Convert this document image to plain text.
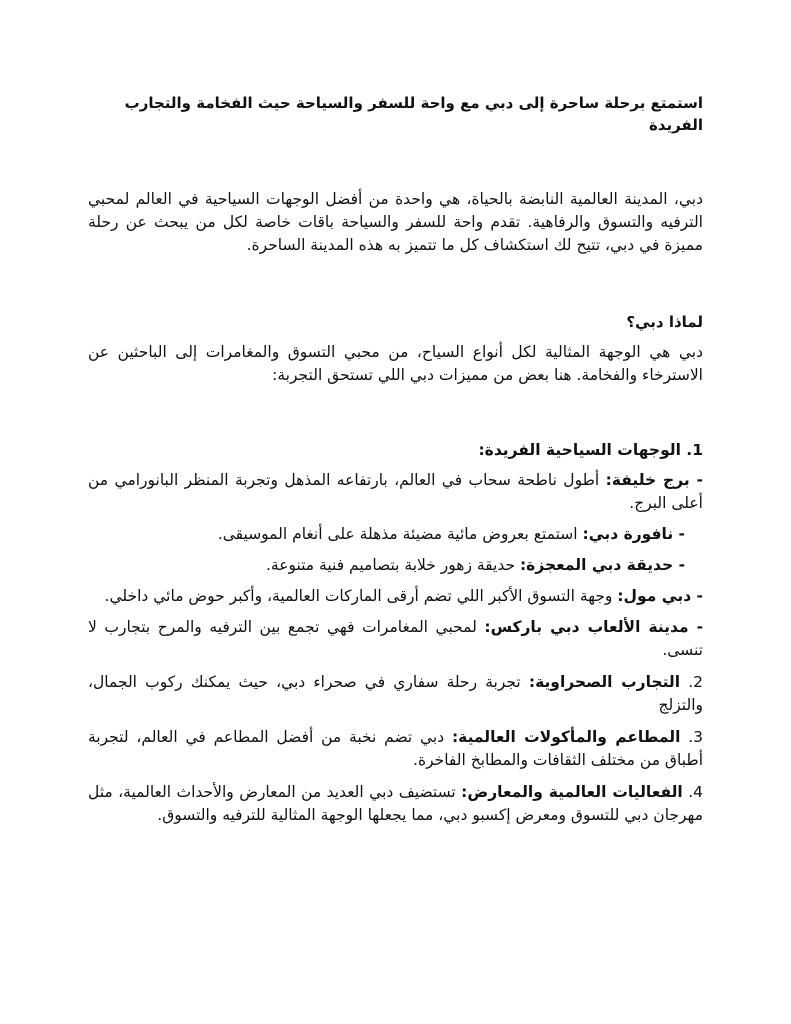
استمتع برحلة ساحرة إلى دبي مع واحة للسفر والسياحة حيث الفخامة والتجارب الفريدة

دبي، المدينة العالمية النابضة بالحياة، هي واحدة من أفضل الوجهات السياحية في العالم لمحبي الترفيه والتسوق والرفاهية. تقدم واحة للسفر والسياحة باقات خاصة لكل من يبحث عن رحلة مميزة في دبي، تتيح لك استكشاف كل ما تتميز به هذه المدينة الساحرة.

لماذا دبي؟

دبي هي الوجهة المثالية لكل أنواع السياح، من محبي التسوق والمغامرات إلى الباحثين عن الاسترخاء والفخامة. هنا بعض من مميزات دبي اللي تستحق التجربة:

1. الوجهات السياحية الفريدة:

- برج خليفة: أطول ناطحة سحاب في العالم، بارتفاعه المذهل وتجربة المنظر البانورامي من أعلى البرج.

- نافورة دبي: استمتع بعروض مائية مضيئة مذهلة على أنغام الموسيقى.

- حديقة دبي المعجزة: حديقة زهور خلابة بتصاميم فنية متنوعة.

- دبي مول: وجهة التسوق الأكبر اللي تضم أرقى الماركات العالمية، وأكبر حوض مائي داخلي.

- مدينة الألعاب دبي باركس: لمحبي المغامرات فهي تجمع بين الترفيه والمرح بتجارب لا تنسى.

2. التجارب الصحراوية: تجربة رحلة سفاري في صحراء دبي، حيث يمكنك ركوب الجمال، والتزلج

3. المطاعم والمأكولات العالمية: دبي تضم نخبة من أفضل المطاعم في العالم، لتجربة أطباق من مختلف الثقافات والمطابخ الفاخرة.

4. الفعاليات العالمية والمعارض: تستضيف دبي العديد من المعارض والأحداث العالمية، مثل مهرجان دبي للتسوق ومعرض إكسبو دبي، مما يجعلها الوجهة المثالية للترفيه والتسوق.
